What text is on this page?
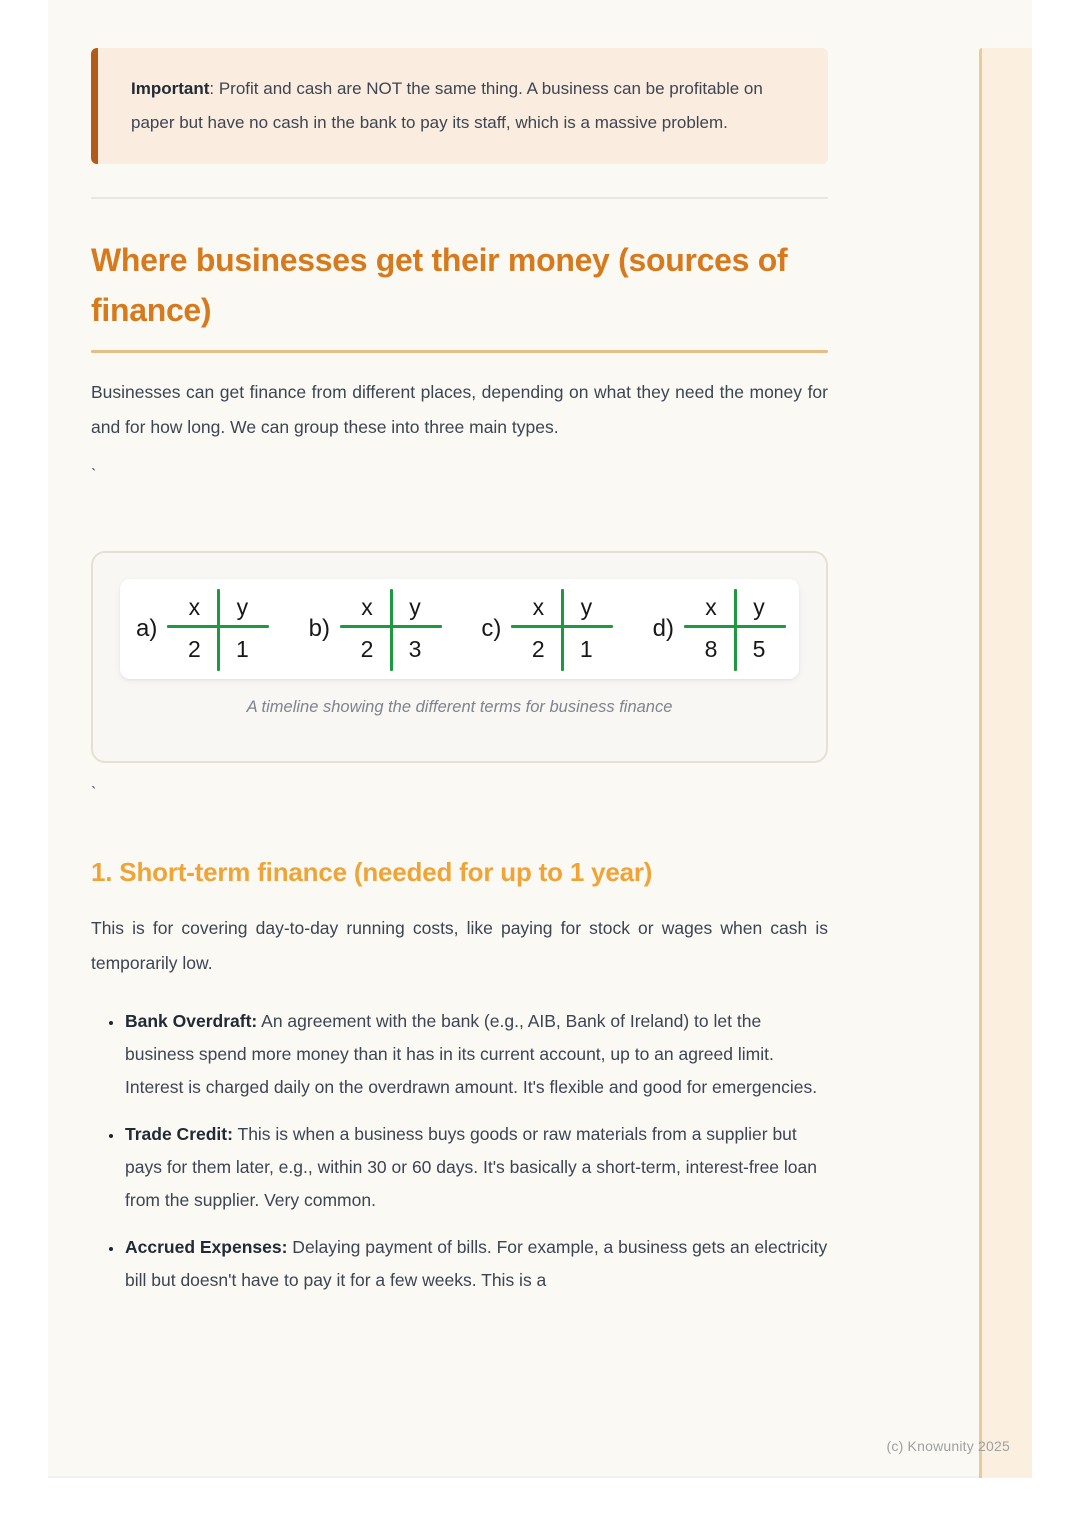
Important: Profit and cash are NOT the same thing. A business can be profitable on paper but have no cash in the bank to pay its staff, which is a massive problem.

Where businesses get their money (sources of finance)

Businesses can get finance from different places, depending on what they need the money for and for how long. We can group these into three main types.

`

a)
x	y
2	1
b)
x	y
2	3
c)
x	y
2	1
d)
x	y
8	5
A timeline showing the different terms for business finance

`

1. Short-term finance (needed for up to 1 year)

This is for covering day-to-day running costs, like paying for stock or wages when cash is temporarily low.

• Bank Overdraft: An agreement with the bank (e.g., AIB, Bank of Ireland) to let the business spend more money than it has in its current account, up to an agreed limit. Interest is charged daily on the overdrawn amount. It's flexible and good for emergencies.
• Trade Credit: This is when a business buys goods or raw materials from a supplier but pays for them later, e.g., within 30 or 60 days. It's basically a short-term, interest-free loan from the supplier. Very common.
• Accrued Expenses: Delaying payment of bills. For example, a business gets an electricity bill but doesn't have to pay it for a few weeks. This is a
(c) Knowunity 2025
